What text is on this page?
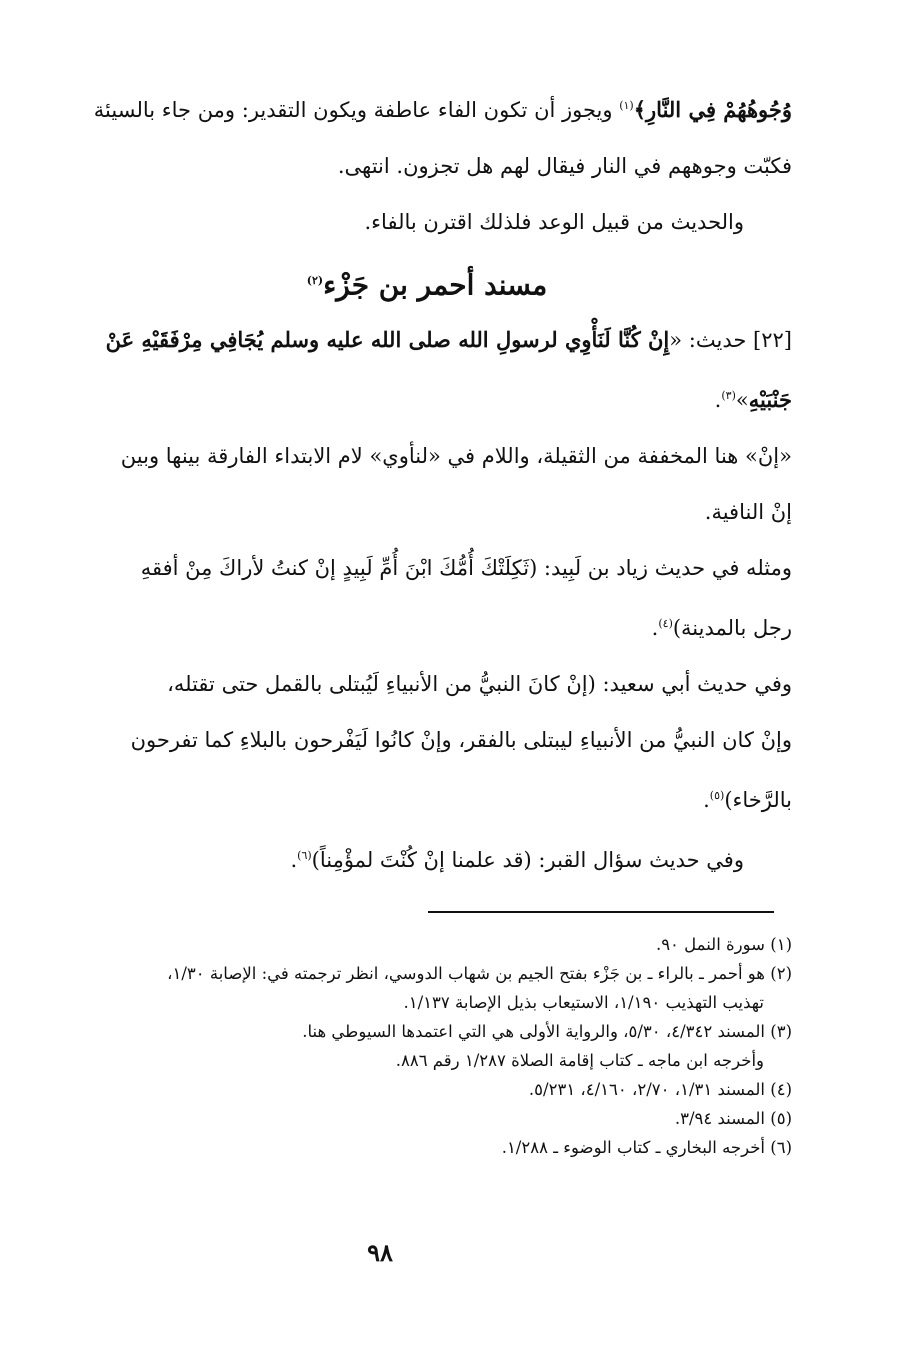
وُجُوهُهُمْ فِي النَّارِ﴾$^{(١)}$ ويجوز أن تكون الفاء عاطفة ويكون التقدير: ومن جاء بالسيئة
فكبّت وجوههم في النار فيقال لهم هل تجزون. انتهى.

والحديث من قبيل الوعد فلذلك اقترن بالفاء.

مسند أحمر بن جَزْء$^{(٢)}$

[٢٢] حديث: «إِنْ كُنَّا لَنَأْوِي لرسولِ الله صلى الله عليه وسلم يُجَافِي مِرْفَقَيْهِ عَنْ
جَنْبَيْهِ»$^{(٣)}$.

«إنْ» هنا المخففة من الثقيلة، واللام في «لنأوي» لام الابتداء الفارقة بينها وبين
إنْ النافية.

ومثله في حديث زياد بن لَبِيد: (ثَكِلَتْكَ أُمُّكَ ابْنَ أُمِّ لَبِيدٍ إنْ كنتُ لأراكَ مِنْ أفقهِ
رجل بالمدينة)$^{(٤)}$.

وفي حديث أبي سعيد: (إنْ كانَ النبيُّ من الأنبياءِ لَيُبتلى بالقمل حتى تقتله،
وإنْ كان النبيُّ من الأنبياءِ ليبتلى بالفقر، وإنْ كانُوا لَيَفْرحون بالبلاءِ كما تفرحون
بالرَّخاء)$^{(٥)}$.

وفي حديث سؤال القبر: (قد علمنا إنْ كُنْتَ لمؤْمِناً)$^{(٦)}$.

(١) سورة النمل ٩٠.

(٢) هو أحمر ـ بالراء ـ بن جَزْء بفتح الجيم بن شهاب الدوسي، انظر ترجمته في: الإصابة ١/٣٠،

تهذيب التهذيب ١/١٩٠، الاستيعاب بذيل الإصابة ١/١٣٧.

(٣) المسند ٤/٣٤٢، ٥/٣٠، والرواية الأولى هي التي اعتمدها السيوطي هنا.

وأخرجه ابن ماجه ـ كتاب إقامة الصلاة ١/٢٨٧ رقم ٨٨٦.

(٤) المسند ١/٣١، ٢/٧٠، ٤/١٦٠، ٥/٢٣١.

(٥) المسند ٣/٩٤.

(٦) أخرجه البخاري ـ كتاب الوضوء ـ ١/٢٨٨.

٩٨
